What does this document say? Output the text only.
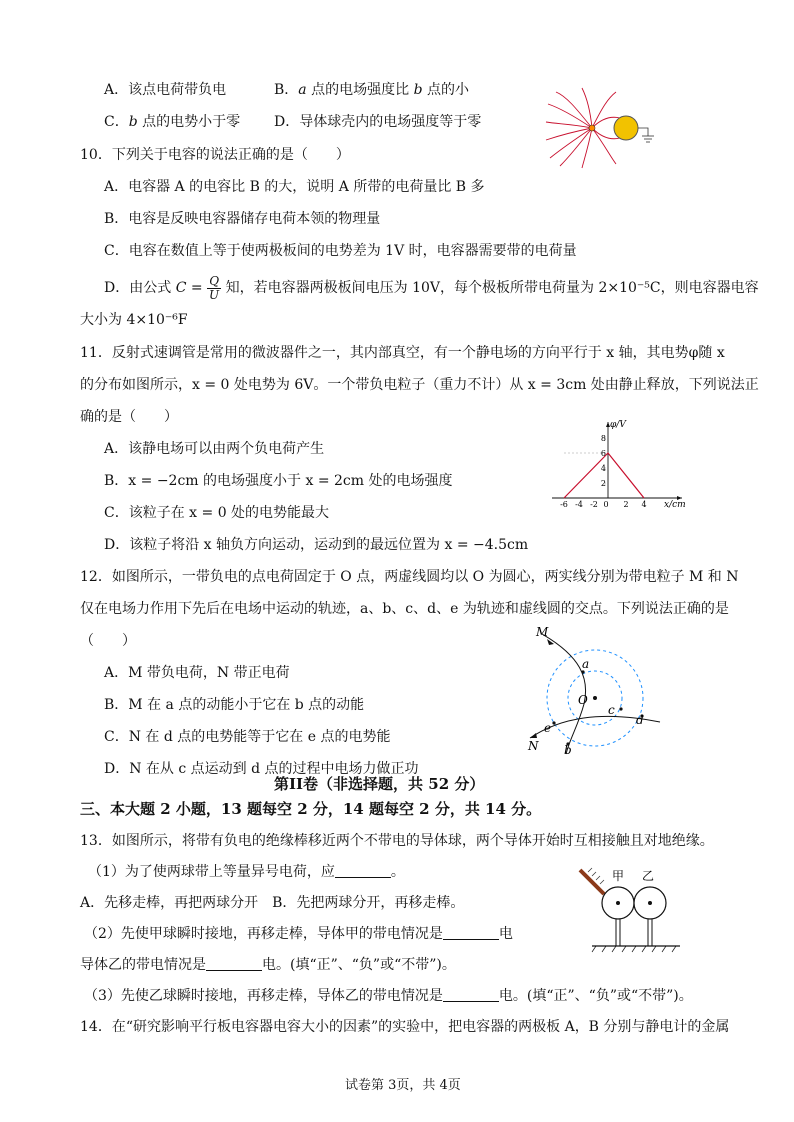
A．该点电荷带负电	B．a 点的电场强度比 b 点的小
C．b 点的电势小于零 D．导体球壳内的电场强度等于零
10．下列关于电容的说法正确的是（　　）
A．电容器 A 的电容比 B 的大，说明 A 所带的电荷量比 B 多
B．电容是反映电容器储存电荷本领的物理量
C．电容在数值上等于使两极板间的电势差为 1V 时，电容器需要带的电荷量
D．由公式 $C = \frac{Q}{U}$ 知，若电容器两极板间电压为 10V，每个极板所带电荷量为 2×10⁻⁵C，则电容器电容
大小为 4×10⁻⁶F
11．反射式速调管是常用的微波器件之一，其内部真空，有一个静电场的方向平行于 x 轴，其电势φ随 x
的分布如图所示，x = 0 处电势为 6V。一个带负电粒子（重力不计）从 x = 3cm 处由静止释放，下列说法正
确的是（　　）
A．该静电场可以由两个负电荷产生
B．x = −2cm 的电场强度小于 x = 2cm 处的电场强度
C．该粒子在 x = 0 处的电势能最大
D．该粒子将沿 x 轴负方向运动，运动到的最远位置为 x = −4.5cm
φ/V
x/cm
8
6
4
2
-6 -4 -2 0 2 4
12．如图所示，一带负电的点电荷固定于 O 点，两虚线圆均以 O 为圆心，两实线分别为带电粒子 M 和 N
仅在电场力作用下先后在电场中运动的轨迹，a、b、c、d、e 为轨迹和虚线圆的交点。下列说法正确的是
（　　）
A．M 带负电荷，N 带正电荷
B．M 在 a 点的动能小于它在 b 点的动能
C．N 在 d 点的电势能等于它在 e 点的电势能
D．N 在从 c 点运动到 d 点的过程中电场力做正功
M
N
O
a
b
c
d
e
第II卷（非选择题，共 52 分）
三、本大题 2 小题，13 题每空 2 分，14 题每空 2 分，共 14 分。
13．如图所示，将带有负电的绝缘棒移近两个不带电的导体球，两个导体开始时互相接触且对地绝缘。
（1）为了使两球带上等量异号电荷，应	。
A．先移走棒，再把两球分开　B．先把两球分开，再移走棒。
（2）先使甲球瞬时接地，再移走棒，导体甲的带电情况是	电
导体乙的带电情况是	电。(填“正”、“负”或“不带”)。
（3）先使乙球瞬时接地，再移走棒，导体乙的带电情况是	电。(填“正”、“负”或“不带”)。
甲 乙
14．在“研究影响平行板电容器电容大小的因素”的实验中，把电容器的两极板 A，B 分别与静电计的金属
试卷第 3页，共 4页
